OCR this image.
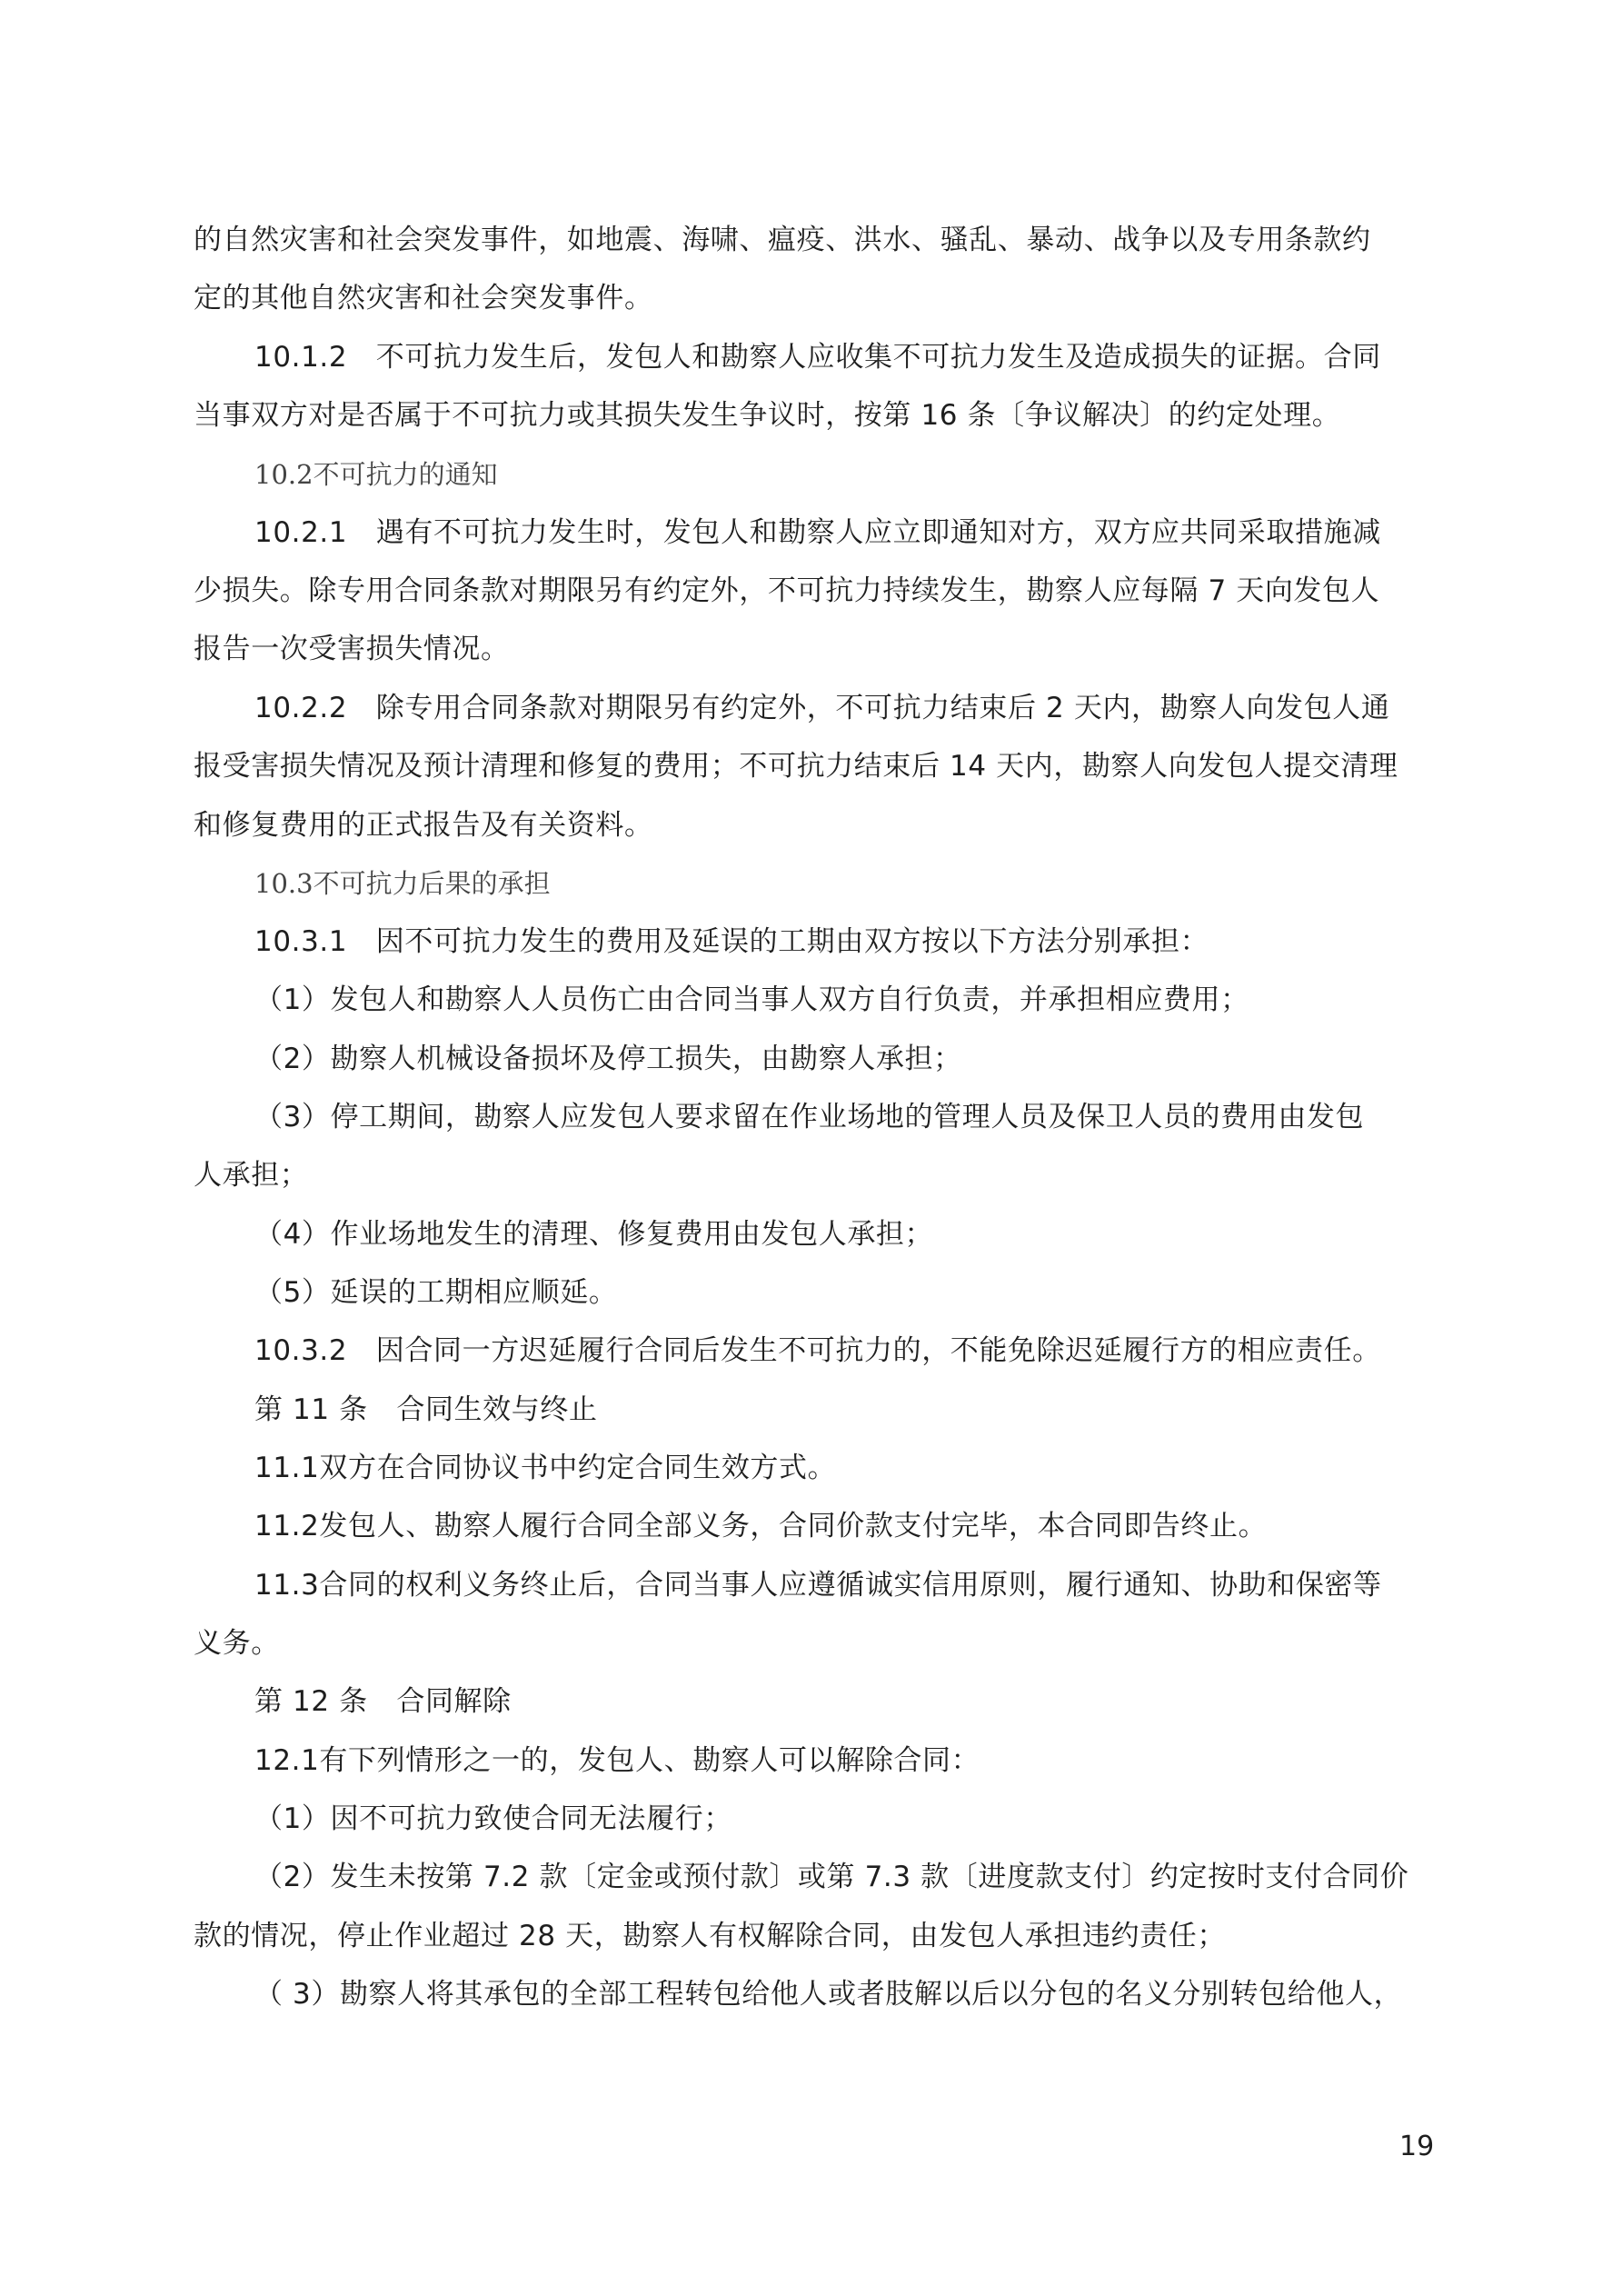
的自然灾害和社会突发事件，如地震、海啸、瘟疫、洪水、骚乱、暴动、战争以及专用条款约
定的其他自然灾害和社会突发事件。
10.1.2　不可抗力发生后，发包人和勘察人应收集不可抗力发生及造成损失的证据。合同
当事双方对是否属于不可抗力或其损失发生争议时，按第 16 条〔争议解决〕的约定处理。
10.2不可抗力的通知
10.2.1　遇有不可抗力发生时，发包人和勘察人应立即通知对方，双方应共同采取措施减
少损失。除专用合同条款对期限另有约定外，不可抗力持续发生，勘察人应每隔 7 天向发包人
报告一次受害损失情况。
10.2.2　除专用合同条款对期限另有约定外，不可抗力结束后 2 天内，勘察人向发包人通
报受害损失情况及预计清理和修复的费用；不可抗力结束后 14 天内，勘察人向发包人提交清理
和修复费用的正式报告及有关资料。
10.3不可抗力后果的承担
10.3.1　因不可抗力发生的费用及延误的工期由双方按以下方法分别承担：
（1）发包人和勘察人人员伤亡由合同当事人双方自行负责，并承担相应费用；
（2）勘察人机械设备损坏及停工损失，由勘察人承担；
（3）停工期间，勘察人应发包人要求留在作业场地的管理人员及保卫人员的费用由发包
人承担；
（4）作业场地发生的清理、修复费用由发包人承担；
（5）延误的工期相应顺延。
10.3.2　因合同一方迟延履行合同后发生不可抗力的，不能免除迟延履行方的相应责任。
第 11 条　合同生效与终止
11.1双方在合同协议书中约定合同生效方式。
11.2发包人、勘察人履行合同全部义务，合同价款支付完毕，本合同即告终止。
11.3合同的权利义务终止后，合同当事人应遵循诚实信用原则，履行通知、协助和保密等
义务。
第 12 条　合同解除
12.1有下列情形之一的，发包人、勘察人可以解除合同：
（1）因不可抗力致使合同无法履行；
（2）发生未按第 7.2 款〔定金或预付款〕或第 7.3 款〔进度款支付〕约定按时支付合同价
款的情况，停止作业超过 28 天，勘察人有权解除合同，由发包人承担违约责任；
（ 3）勘察人将其承包的全部工程转包给他人或者肢解以后以分包的名义分别转包给他人，
19
